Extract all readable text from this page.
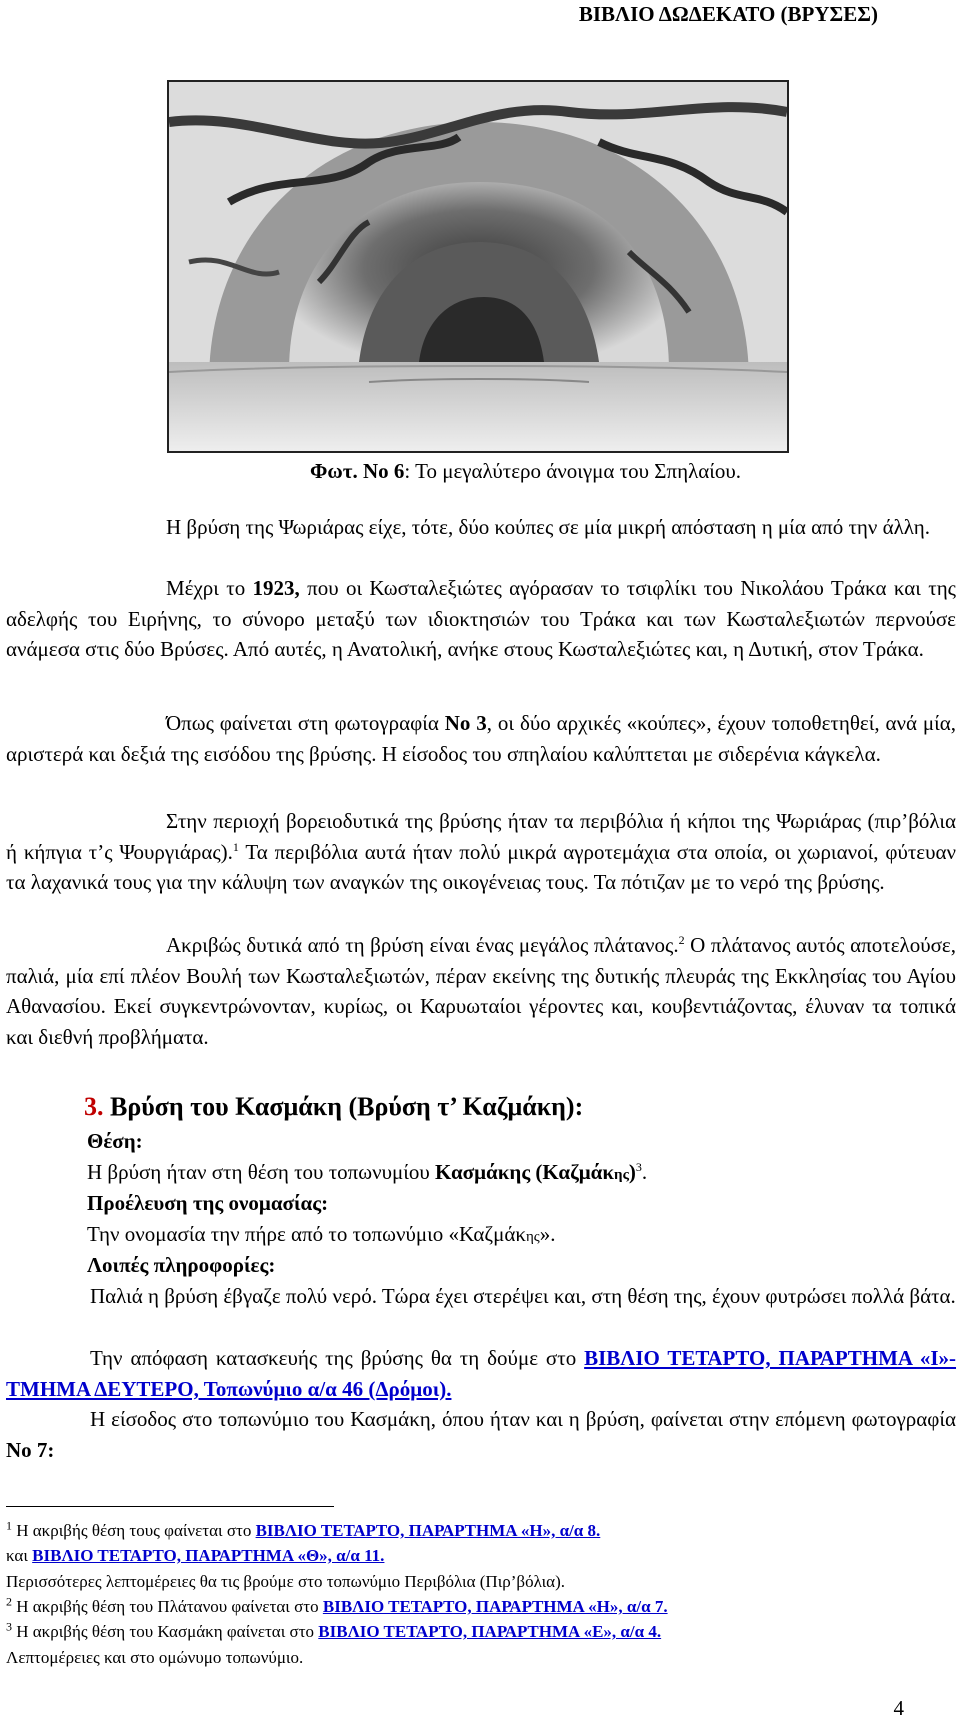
ΒΙΒΛΙΟ ΔΩΔΕΚΑΤΟ (ΒΡΥΣΕΣ)
Φωτ. Νο 6: Το μεγαλύτερο άνοιγμα του Σπηλαίου.
Η βρύση της Ψωριάρας είχε, τότε, δύο κούπες σε μία μικρή απόσταση η μία από την άλλη.
Μέχρι το 1923, που οι Κωσταλεξιώτες αγόρασαν το τσιφλίκι του Νικολάου Τράκα και της αδελφής του Ειρήνης, το σύνορο μεταξύ των ιδιοκτησιών του Τράκα και των Κωσταλεξιωτών περνούσε ανάμεσα στις δύο Βρύσες. Από αυτές, η Ανατολική, ανήκε στους Κωσταλεξιώτες και, η Δυτική, στον Τράκα.
Όπως φαίνεται στη φωτογραφία Νο 3, οι δύο αρχικές «κούπες», έχουν τοποθετηθεί, ανά μία, αριστερά και δεξιά της εισόδου της βρύσης. Η είσοδος του σπηλαίου καλύπτεται με σιδερένια κάγκελα.
Στην περιοχή βορειοδυτικά της βρύσης ήταν τα περιβόλια ή κήποι της Ψωριάρας (πιρ’βόλια ή κήπγια τ’ς Ψουργιάρας).$^1$ Τα περιβόλια αυτά ήταν πολύ μικρά αγροτεμάχια στα οποία, οι χωριανοί, φύτευαν τα λαχανικά τους για την κάλυψη των αναγκών της οικογένειας τους. Τα πότιζαν με το νερό της βρύσης.
Ακριβώς δυτικά από τη βρύση είναι ένας μεγάλος πλάτανος.$^2$ Ο πλάτανος αυτός αποτελούσε, παλιά, μία επί πλέον Βουλή των Κωσταλεξιωτών, πέραν εκείνης της δυτικής πλευράς της Εκκλησίας του Αγίου Αθανασίου. Εκεί συγκεντρώνονταν, κυρίως, οι Καρυωταίοι γέροντες και, κουβεντιάζοντας, έλυναν τα τοπικά και διεθνή προβλήματα.
3. Βρύση του Κασμάκη (Βρύση τ’ Καζμάκη):
Θέση:
Η βρύση ήταν στη θέση του τοπωνυμίου Κασμάκης $(K\alpha\zeta\mu ά\kappa\eta\varsigma)^3$.
Προέλευση της ονομασίας:
Την ονομασία την πήρε από το τοπωνύμιο «Καζμάκης».
Λοιπές πληροφορίες:
Παλιά η βρύση έβγαζε πολύ νερό. Τώρα έχει στερέψει και, στη θέση της, έχουν φυτρώσει πολλά βάτα.
Την απόφαση κατασκευής της βρύσης θα τη δούμε στο ΒΙΒΛΙΟ ΤΕΤΑΡΤΟ, ΠΑΡΑΡΤΗΜΑ «Ι»- ΤΜΗΜΑ ΔΕΥΤΕΡΟ, Τοπωνύμιο α/α 46 (Δρόμοι).
Η είσοδος στο τοπωνύμιο του Κασμάκη, όπου ήταν και η βρύση, φαίνεται στην επόμενη φωτογραφία Νο 7:
$^1$ Η ακριβής θέση τους φαίνεται στο ΒΙΒΛΙΟ ΤΕΤΑΡΤΟ, ΠΑΡΑΡΤΗΜΑ «Η», α/α 8.
και ΒΙΒΛΙΟ ΤΕΤΑΡΤΟ, ΠΑΡΑΡΤΗΜΑ «Θ», α/α 11.
Περισσότερες λεπτομέρειες θα τις βρούμε στο τοπωνύμιο Περιβόλια (Πιρ’βόλια).
$^2$ Η ακριβής θέση του Πλάτανου φαίνεται στο ΒΙΒΛΙΟ ΤΕΤΑΡΤΟ, ΠΑΡΑΡΤΗΜΑ «Η», α/α 7.
$^3$ Η ακριβής θέση του Κασμάκη φαίνεται στο ΒΙΒΛΙΟ ΤΕΤΑΡΤΟ, ΠΑΡΑΡΤΗΜΑ «Ε», α/α 4.
Λεπτομέρειες και στο ομώνυμο τοπωνύμιο.
4
